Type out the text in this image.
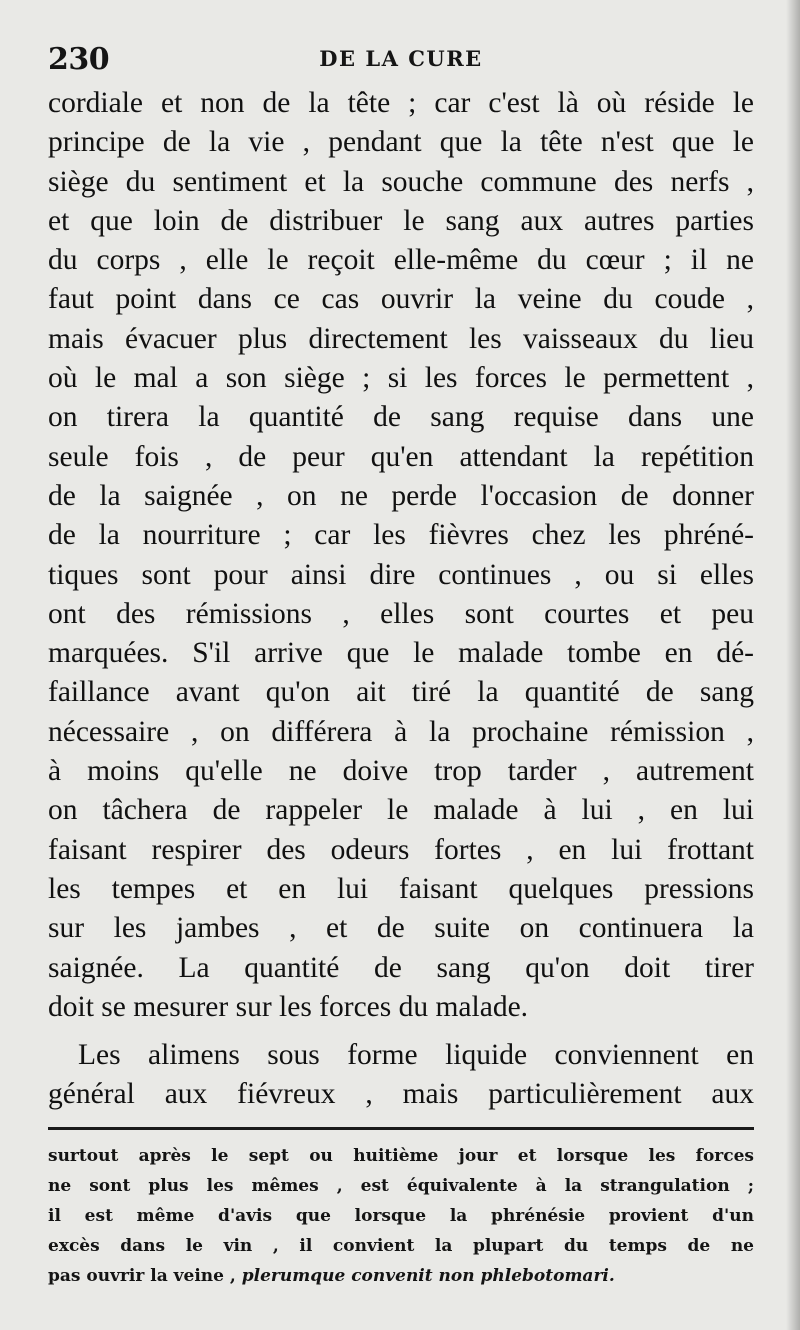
230	DE LA CURE

cordiale et non de la tête ; car c'est là où réside le

principe de la vie , pendant que la tête n'est que le

siège du sentiment et la souche commune des nerfs ,

et que loin de distribuer le sang aux autres parties

du corps , elle le reçoit elle-même du cœur ; il ne

faut point dans ce cas ouvrir la veine du coude ,

mais évacuer plus directement les vaisseaux du lieu

où le mal a son siège ; si les forces le permettent ,

on tirera la quantité de sang requise dans une

seule fois , de peur qu'en attendant la repétition

de la saignée , on ne perde l'occasion de donner

de la nourriture ; car les fièvres chez les phréné-

tiques sont pour ainsi dire continues , ou si elles

ont des rémissions , elles sont courtes et peu

marquées. S'il arrive que le malade tombe en dé-

faillance avant qu'on ait tiré la quantité de sang

nécessaire , on différera à la prochaine rémission ,

à moins qu'elle ne doive trop tarder , autrement

on tâchera de rappeler le malade à lui , en lui

faisant respirer des odeurs fortes , en lui frottant

les tempes et en lui faisant quelques pressions

sur les jambes , et de suite on continuera la

saignée. La quantité de sang qu'on doit tirer

doit se mesurer sur les forces du malade.

Les alimens sous forme liquide conviennent en

général aux fiévreux , mais particulièrement aux

surtout après le sept ou huitième jour et lorsque les forces

ne sont plus les mêmes , est équivalente à la strangulation ;

il est même d'avis que lorsque la phrénésie provient d'un

excès dans le vin , il convient la plupart du temps de ne

pas ouvrir la veine , plerumque convenit non phlebotomari.
